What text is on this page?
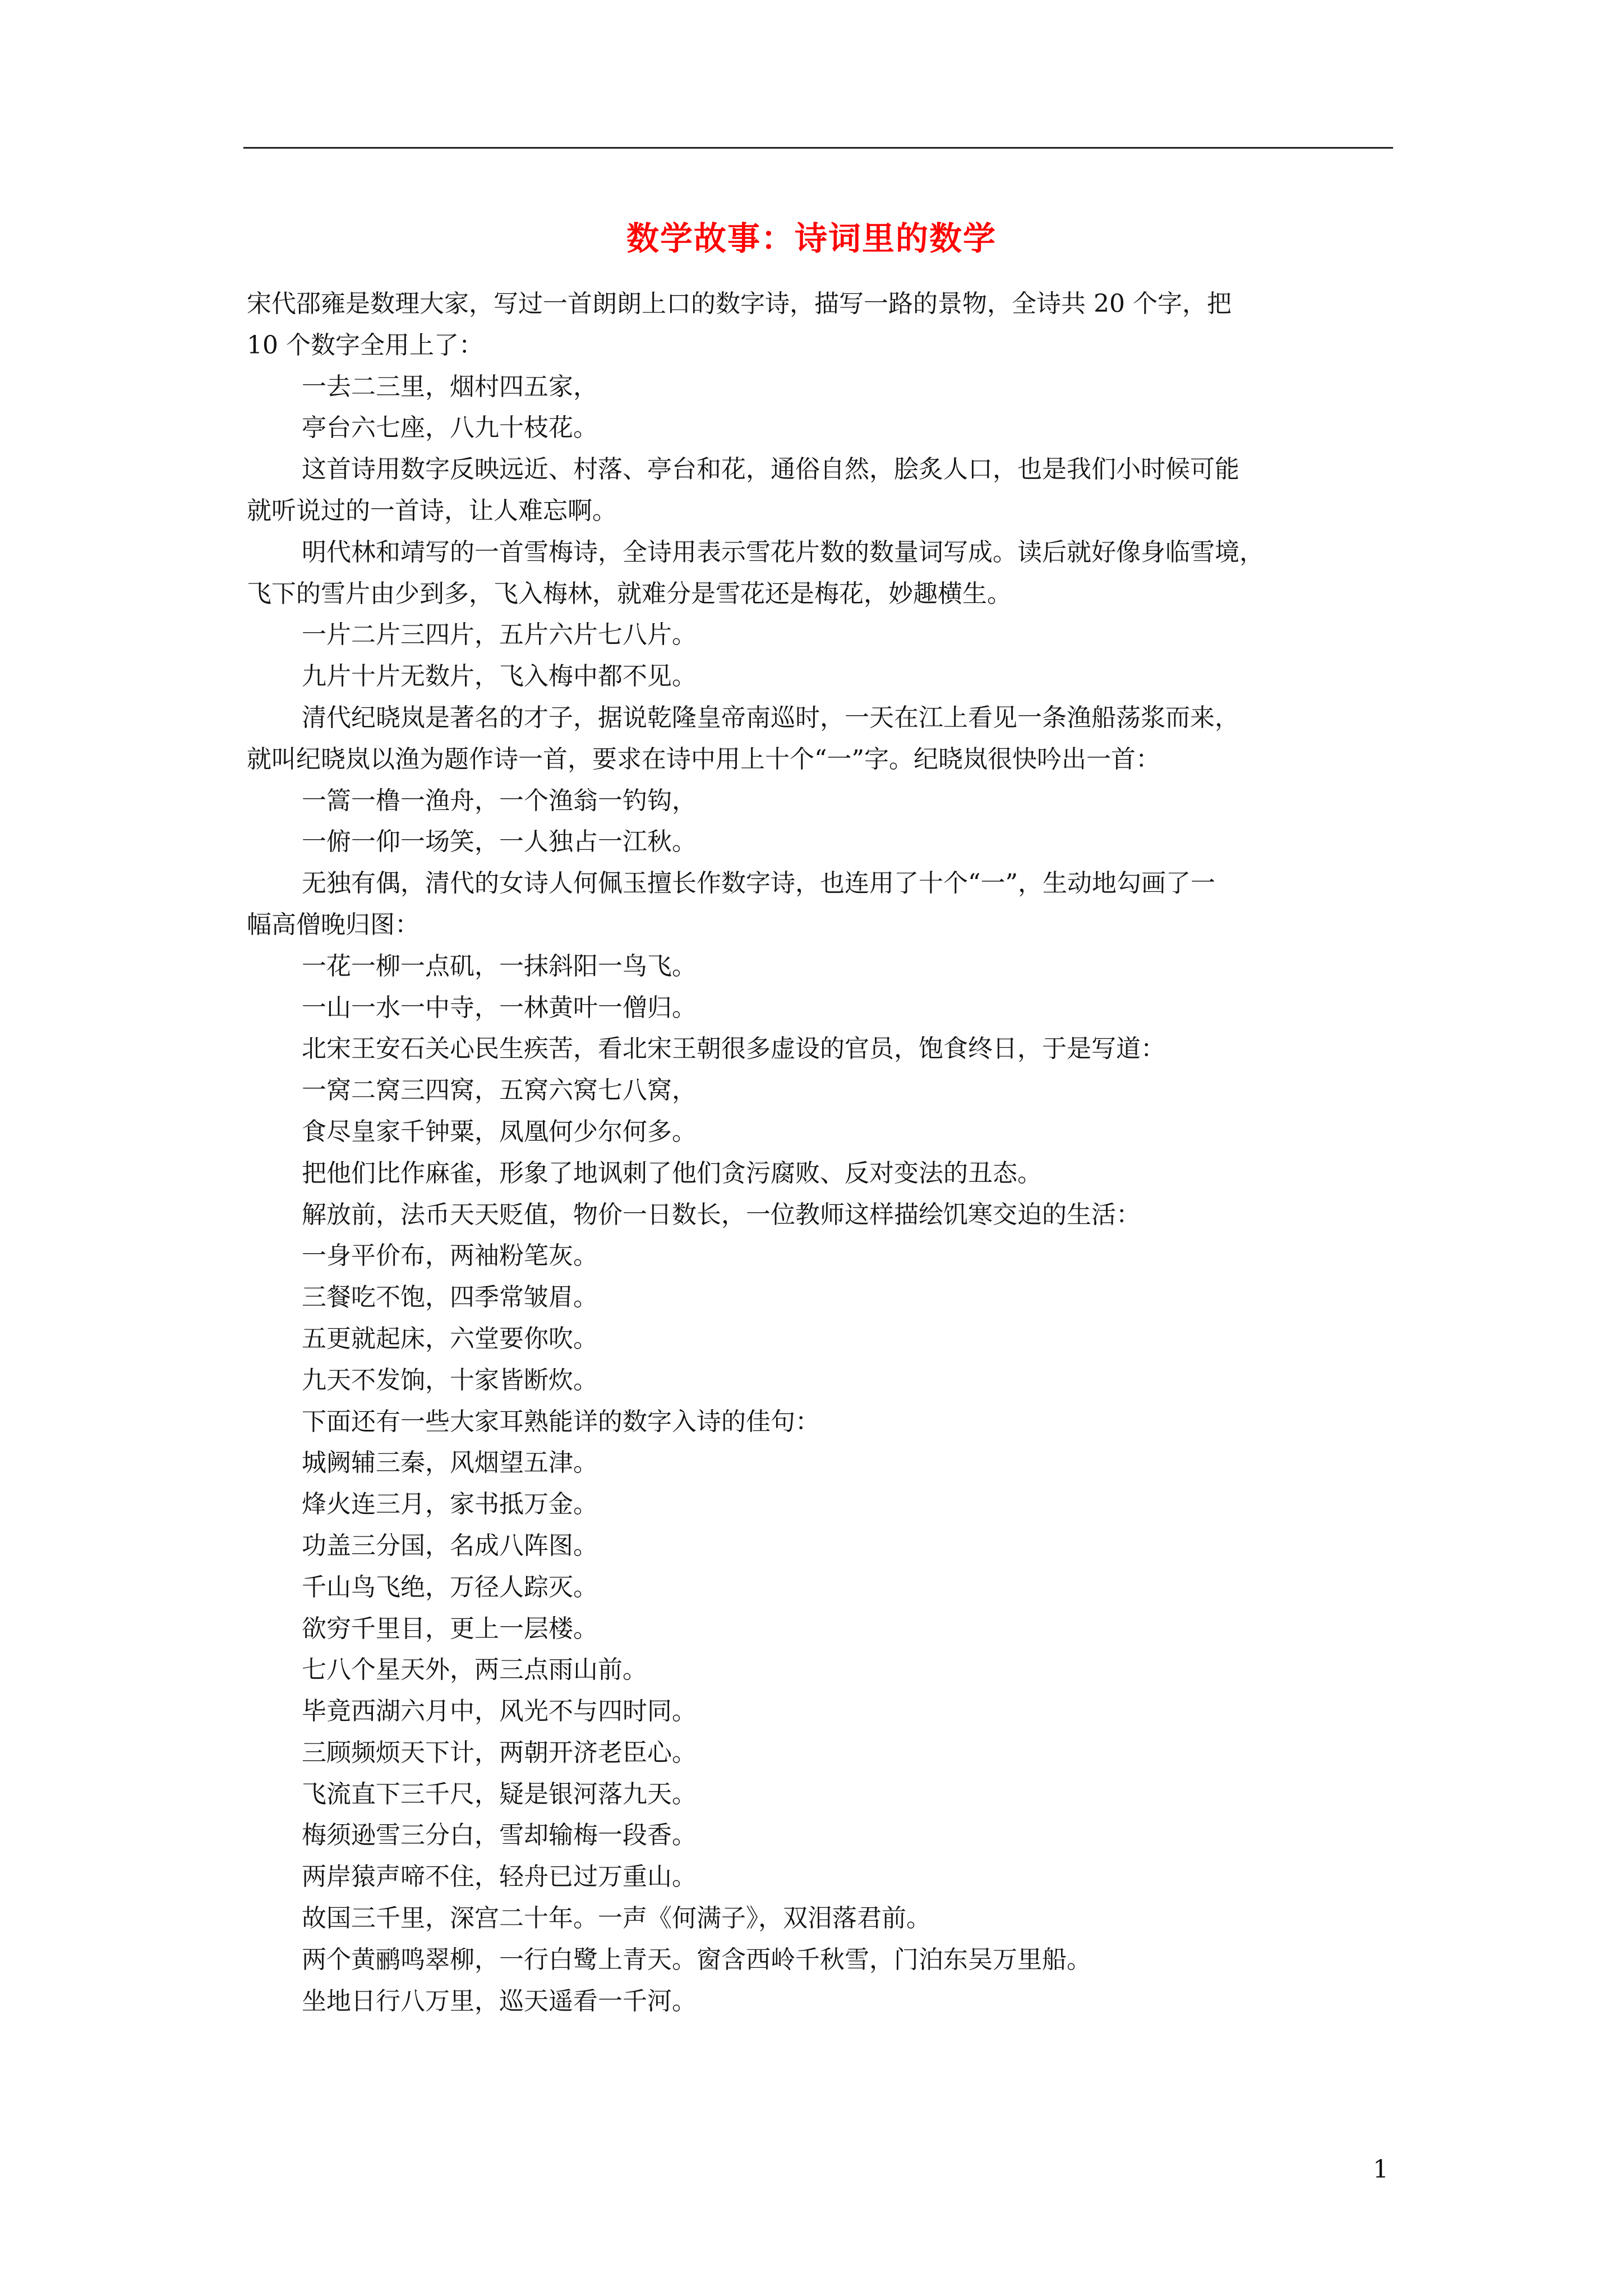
数学故事：诗词里的数学

宋代邵雍是数理大家，写过一首朗朗上口的数字诗，描写一路的景物，全诗共 20 个字，把

10 个数字全用上了：

一去二三里，烟村四五家，

亭台六七座，八九十枝花。

这首诗用数字反映远近、村落、亭台和花，通俗自然，脍炙人口，也是我们小时候可能

就听说过的一首诗，让人难忘啊。

明代林和靖写的一首雪梅诗，全诗用表示雪花片数的数量词写成。读后就好像身临雪境，

飞下的雪片由少到多，飞入梅林，就难分是雪花还是梅花，妙趣横生。

一片二片三四片，五片六片七八片。

九片十片无数片，飞入梅中都不见。

清代纪晓岚是著名的才子，据说乾隆皇帝南巡时，一天在江上看见一条渔船荡浆而来，

就叫纪晓岚以渔为题作诗一首，要求在诗中用上十个“一”字。纪晓岚很快吟出一首：

一篙一橹一渔舟，一个渔翁一钓钩，

一俯一仰一场笑，一人独占一江秋。

无独有偶，清代的女诗人何佩玉擅长作数字诗，也连用了十个“一”，生动地勾画了一

幅高僧晚归图：

一花一柳一点矶，一抹斜阳一鸟飞。

一山一水一中寺，一林黄叶一僧归。

北宋王安石关心民生疾苦，看北宋王朝很多虚设的官员，饱食终日，于是写道：

一窝二窝三四窝，五窝六窝七八窝，

食尽皇家千钟粟，凤凰何少尔何多。

把他们比作麻雀，形象了地讽刺了他们贪污腐败、反对变法的丑态。

解放前，法币天天贬值，物价一日数长，一位教师这样描绘饥寒交迫的生活：

一身平价布，两袖粉笔灰。

三餐吃不饱，四季常皱眉。

五更就起床，六堂要你吹。

九天不发饷，十家皆断炊。

下面还有一些大家耳熟能详的数字入诗的佳句：

城阙辅三秦，风烟望五津。

烽火连三月，家书抵万金。

功盖三分国，名成八阵图。

千山鸟飞绝，万径人踪灭。

欲穷千里目，更上一层楼。

七八个星天外，两三点雨山前。

毕竟西湖六月中，风光不与四时同。

三顾频烦天下计，两朝开济老臣心。

飞流直下三千尺，疑是银河落九天。

梅须逊雪三分白，雪却输梅一段香。

两岸猿声啼不住，轻舟已过万重山。

故国三千里，深宫二十年。一声《何满子》，双泪落君前。

两个黄鹂鸣翠柳，一行白鹭上青天。窗含西岭千秋雪，门泊东吴万里船。

坐地日行八万里，巡天遥看一千河。

1
